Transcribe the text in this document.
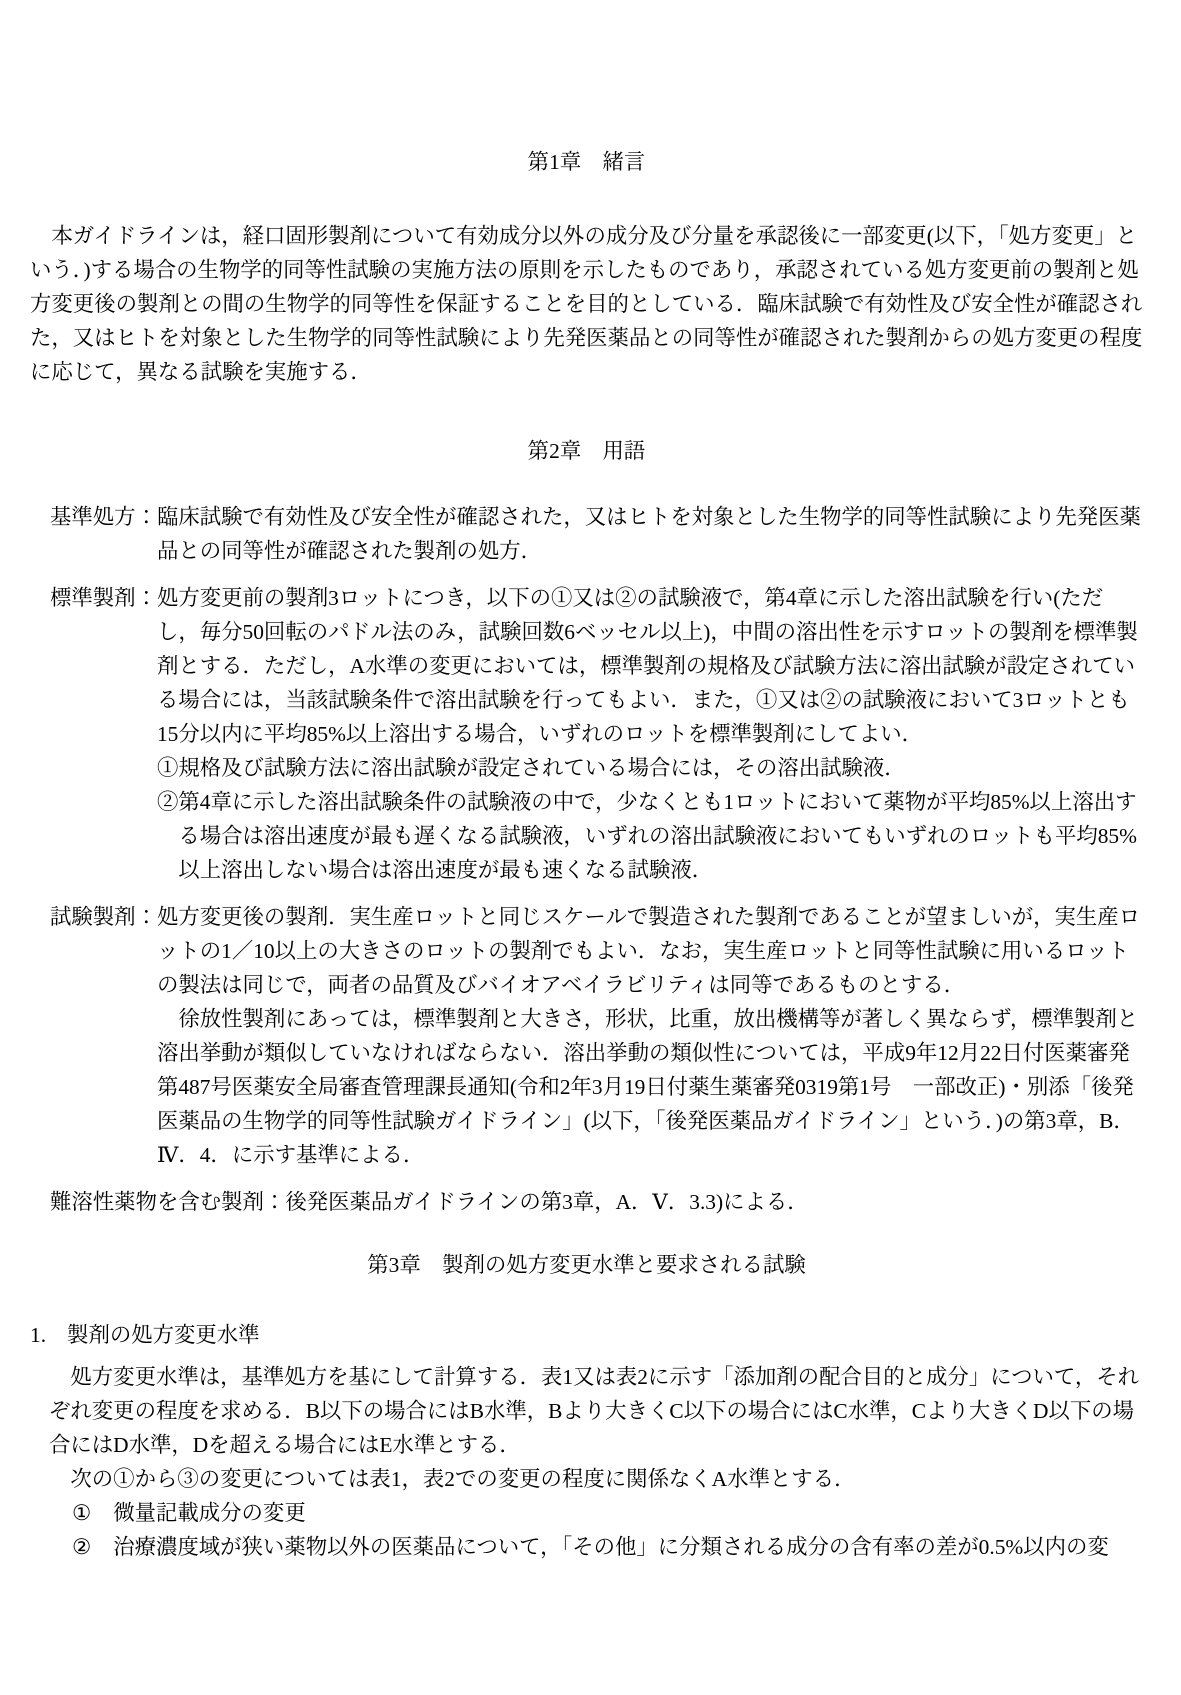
第1章　緒言

本ガイドラインは，経口固形製剤について有効成分以外の成分及び分量を承認後に一部変更(以下，「処方変更」という．)する場合の生物学的同等性試験の実施方法の原則を示したものであり，承認されている処方変更前の製剤と処方変更後の製剤との間の生物学的同等性を保証することを目的としている．臨床試験で有効性及び安全性が確認された，又はヒトを対象とした生物学的同等性試験により先発医薬品との同等性が確認された製剤からの処方変更の程度に応じて，異なる試験を実施する．

第2章　用語
基準処方： 臨床試験で有効性及び安全性が確認された，又はヒトを対象とした生物学的同等性試験により先発医薬品との同等性が確認された製剤の処方．

標準製剤： 処方変更前の製剤3ロットにつき，以下の①又は②の試験液で，第4章に示した溶出試験を行い(ただし，毎分50回転のパドル法のみ，試験回数6ベッセル以上)，中間の溶出性を示すロットの製剤を標準製剤とする．ただし，A水準の変更においては，標準製剤の規格及び試験方法に溶出試験が設定されている場合には，当該試験条件で溶出試験を行ってもよい．また，①又は②の試験液において3ロットとも15分以内に平均85%以上溶出する場合，いずれのロットを標準製剤にしてよい．

①規格及び試験方法に溶出試験が設定されている場合には，その溶出試験液．

②第4章に示した溶出試験条件の試験液の中で，少なくとも1ロットにおいて薬物が平均85%以上溶出する場合は溶出速度が最も遅くなる試験液，いずれの溶出試験液においてもいずれのロットも平均85%以上溶出しない場合は溶出速度が最も速くなる試験液．

試験製剤： 処方変更後の製剤．実生産ロットと同じスケールで製造された製剤であることが望ましいが，実生産ロットの1／10以上の大きさのロットの製剤でもよい．なお，実生産ロットと同等性試験に用いるロットの製法は同じで，両者の品質及びバイオアベイラビリティは同等であるものとする．

徐放性製剤にあっては，標準製剤と大きさ，形状，比重，放出機構等が著しく異ならず，標準製剤と溶出挙動が類似していなければならない．溶出挙動の類似性については，平成9年12月22日付医薬審発第487号医薬安全局審査管理課長通知(令和2年3月19日付薬生薬審発0319第1号　一部改正)・別添「後発医薬品の生物学的同等性試験ガイドライン」(以下，「後発医薬品ガイドライン」という．)の第3章，B．Ⅳ．4．に示す基準による．

難溶性薬物を含む製剤： 後発医薬品ガイドラインの第3章，A．Ⅴ．3.3)による．

第3章　製剤の処方変更水準と要求される試験
1. 製剤の処方変更水準

処方変更水準は，基準処方を基にして計算する．表1又は表2に示す「添加剤の配合目的と成分」について，それぞれ変更の程度を求める．B以下の場合にはB水準，Bより大きくC以下の場合にはC水準，Cより大きくD以下の場合にはD水準，Dを超える場合にはE水準とする．

次の①から③の変更については表1，表2での変更の程度に関係なくA水準とする．

① 微量記載成分の変更
② 治療濃度域が狭い薬物以外の医薬品について，「その他」に分類される成分の含有率の差が0.5%以内の変
